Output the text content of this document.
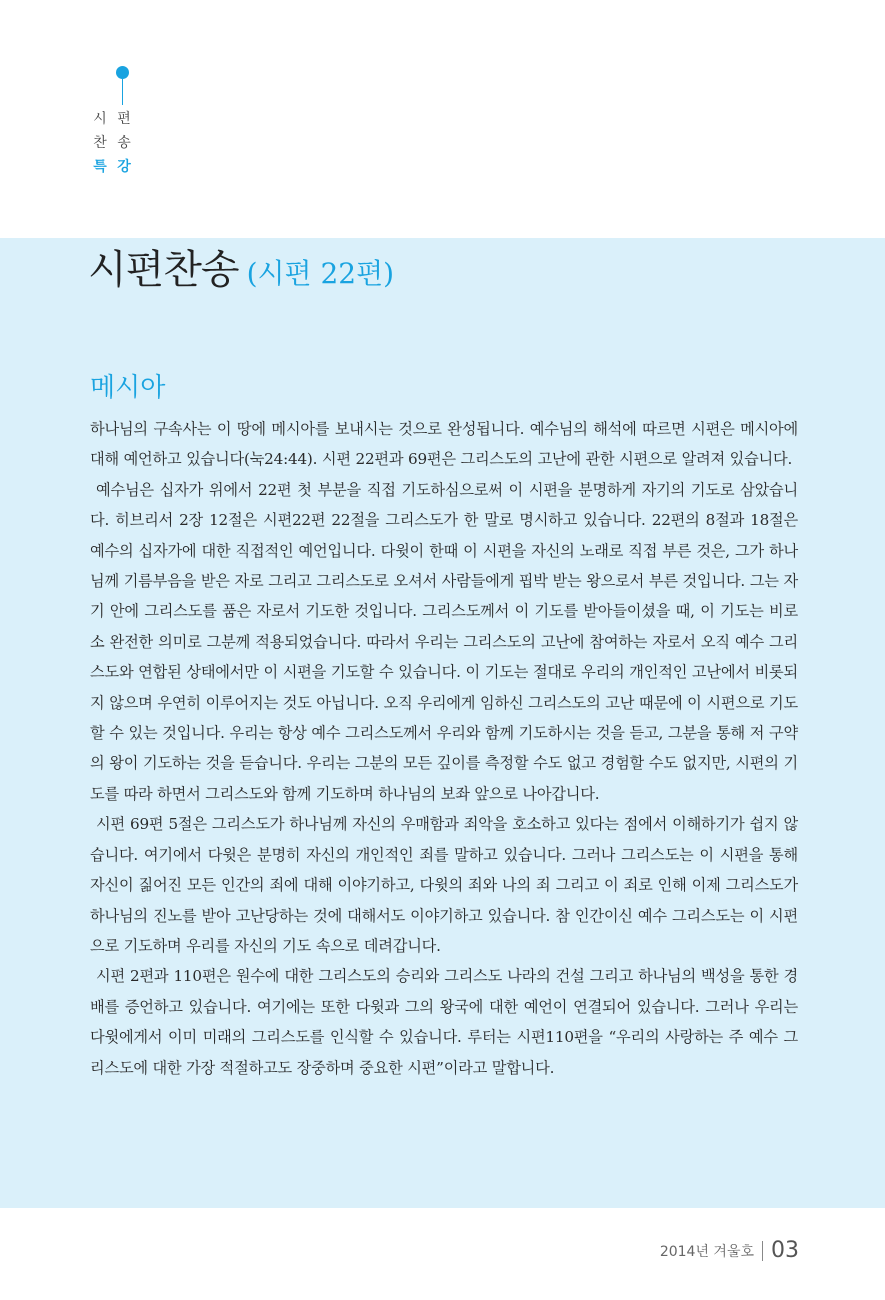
시 편
찬 송
특 강
시편찬송 (시편 22편)
메시아

하나님의 구속사는 이 땅에 메시아를 보내시는 것으로 완성됩니다. 예수님의 해석에 따르면 시편은 메시아에 대해 예언하고 있습니다(눅24:44). 시편 22편과 69편은 그리스도의 고난에 관한 시편으로 알려져 있습니다.

예수님은 십자가 위에서 22편 첫 부분을 직접 기도하심으로써 이 시편을 분명하게 자기의 기도로 삼았습니다. 히브리서 2장 12절은 시편22편 22절을 그리스도가 한 말로 명시하고 있습니다. 22편의 8절과 18절은 예수의 십자가에 대한 직접적인 예언입니다. 다윗이 한때 이 시편을 자신의 노래로 직접 부른 것은, 그가 하나님께 기름부음을 받은 자로 그리고 그리스도로 오셔서 사람들에게 핍박 받는 왕으로서 부른 것입니다. 그는 자기 안에 그리스도를 품은 자로서 기도한 것입니다. 그리스도께서 이 기도를 받아들이셨을 때, 이 기도는 비로소 완전한 의미로 그분께 적용되었습니다. 따라서 우리는 그리스도의 고난에 참여하는 자로서 오직 예수 그리스도와 연합된 상태에서만 이 시편을 기도할 수 있습니다. 이 기도는 절대로 우리의 개인적인 고난에서 비롯되지 않으며 우연히 이루어지는 것도 아닙니다. 오직 우리에게 임하신 그리스도의 고난 때문에 이 시편으로 기도할 수 있는 것입니다. 우리는 항상 예수 그리스도께서 우리와 함께 기도하시는 것을 듣고, 그분을 통해 저 구약의 왕이 기도하는 것을 듣습니다. 우리는 그분의 모든 깊이를 측정할 수도 없고 경험할 수도 없지만, 시편의 기도를 따라 하면서 그리스도와 함께 기도하며 하나님의 보좌 앞으로 나아갑니다.

시편 69편 5절은 그리스도가 하나님께 자신의 우매함과 죄악을 호소하고 있다는 점에서 이해하기가 쉽지 않습니다. 여기에서 다윗은 분명히 자신의 개인적인 죄를 말하고 있습니다. 그러나 그리스도는 이 시편을 통해 자신이 짊어진 모든 인간의 죄에 대해 이야기하고, 다윗의 죄와 나의 죄 그리고 이 죄로 인해 이제 그리스도가 하나님의 진노를 받아 고난당하는 것에 대해서도 이야기하고 있습니다. 참 인간이신 예수 그리스도는 이 시편으로 기도하며 우리를 자신의 기도 속으로 데려갑니다.

시편 2편과 110편은 원수에 대한 그리스도의 승리와 그리스도 나라의 건설 그리고 하나님의 백성을 통한 경배를 증언하고 있습니다. 여기에는 또한 다윗과 그의 왕국에 대한 예언이 연결되어 있습니다. 그러나 우리는 다윗에게서 이미 미래의 그리스도를 인식할 수 있습니다. 루터는 시편110편을 “우리의 사랑하는 주 예수 그리스도에 대한 가장 적절하고도 장중하며 중요한 시편”이라고 말합니다.

2014년 겨울호 03
